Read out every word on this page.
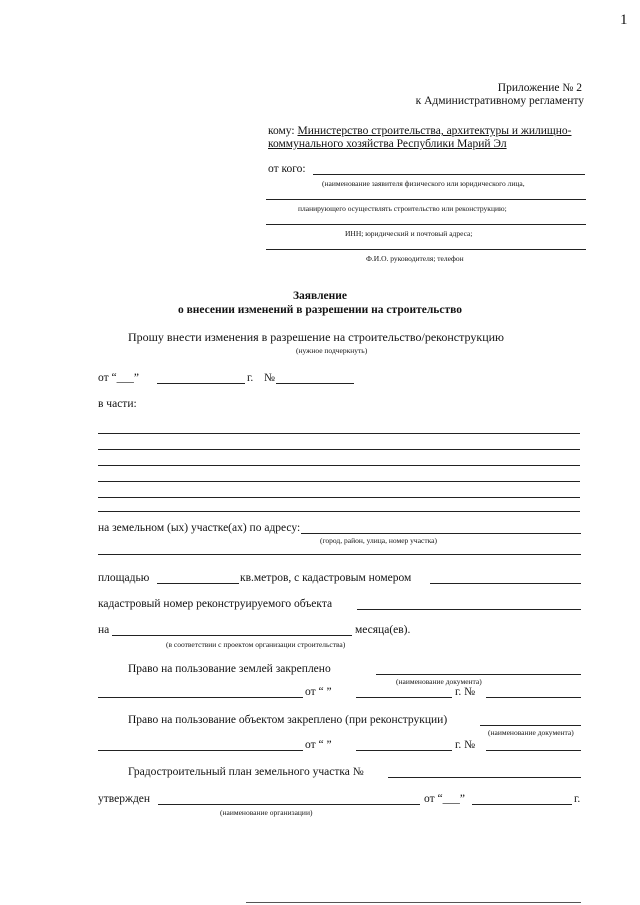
1
Приложение № 2
к Административному регламенту
кому: Министерство строительства, архитектуры и жилищно-
коммунального хозяйства Республики Марий Эл
от кого:
(наименование заявителя физического или юридического лица,
планирующего осуществлять строительство или реконструкцию;
ИНН; юридический и почтовый адреса;
Ф.И.О. руководителя; телефон
Заявление
о внесении изменений в разрешении на строительство
Прошу внести изменения в разрешение на строительство/реконструкцию
(нужное подчеркнуть)
от “___”	г. №
в части:
на земельном (ых) участке(ах) по адресу:
(город, район, улица, номер участка)
площадью	кв.метров, с кадастровым номером
кадастровый номер реконструируемого объекта
на	месяца(ев).
(в соответствии с проектом организации строительства)
Право на пользование землей закреплено
(наименование документа)
от “ ”	г. №
Право на пользование объектом закреплено (при реконструкции)
(наименование документа)
от “ ”	г. №
Градостроительный план земельного участка №
утвержден	от “___”	г.
(наименование организации)
